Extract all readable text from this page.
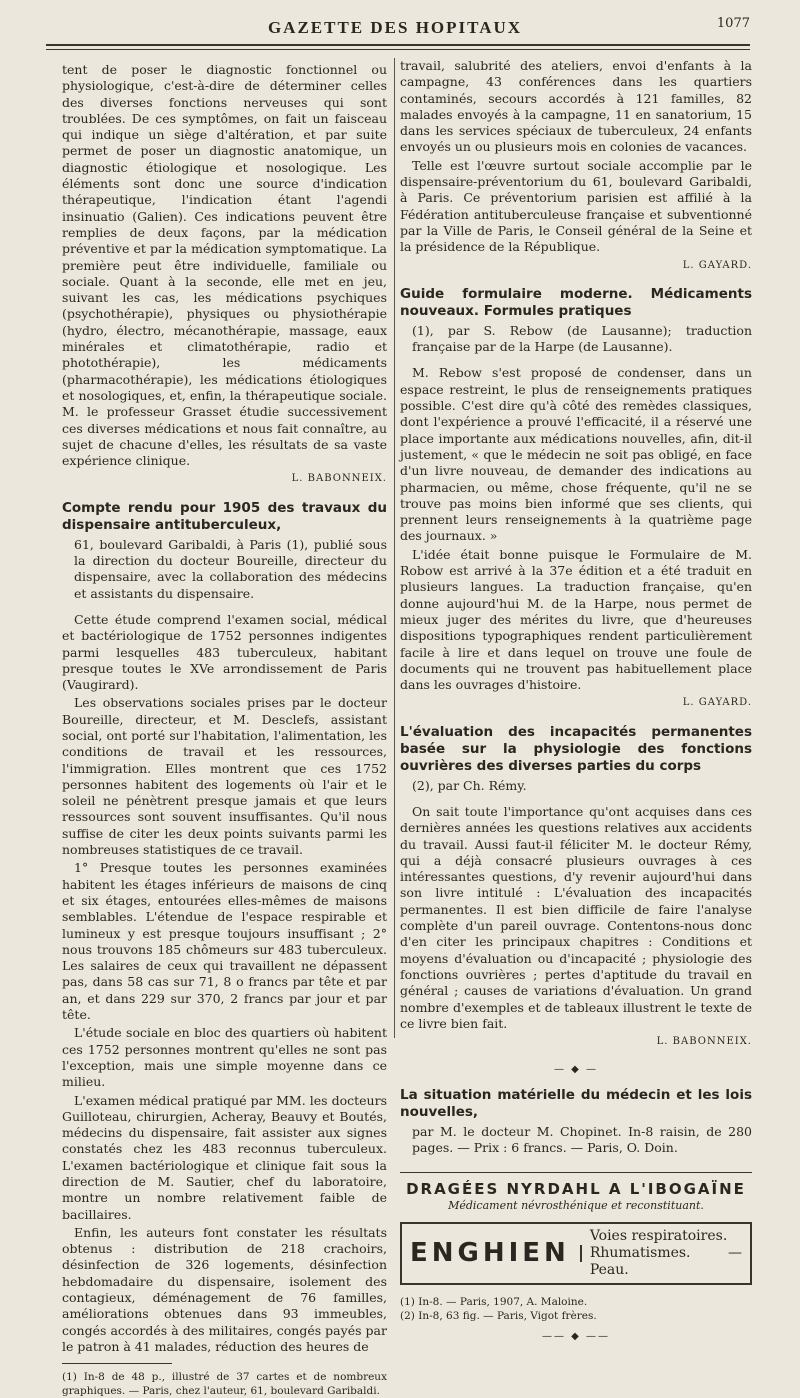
GAZETTE DES HOPITAUX	1077

tent de poser le diagnostic fonctionnel ou physiologique, c'est-à-dire de déterminer celles des diverses fonctions nerveuses qui sont troublées. De ces symptômes, on fait un faisceau qui indique un siège d'altération, et par suite permet de poser un diagnostic anatomique, un diagnostic étiologique et nosologique. Les éléments sont donc une source d'indication thérapeutique, l'indication étant l'agendi insinuatio (Galien). Ces indications peuvent être remplies de deux façons, par la médication préventive et par la médication symptomatique. La première peut être individuelle, familiale ou sociale. Quant à la seconde, elle met en jeu, suivant les cas, les médications psychiques (psychothérapie), physiques ou physiothérapie (hydro, électro, mécanothérapie, massage, eaux minérales et climatothérapie, radio et photothérapie), les médicaments (pharmacothérapie), les médications étiologiques et nosologiques, et, enfin, la thérapeutique sociale. M. le professeur Grasset étudie successivement ces diverses médications et nous fait connaître, au sujet de chacune d'elles, les résultats de sa vaste expérience clinique.

L. BABONNEIX.

Compte rendu pour 1905 des travaux du dispensaire antituberculeux,

61, boulevard Garibaldi, à Paris (1), publié sous la direction du docteur Boureille, directeur du dispensaire, avec la collaboration des médecins et assistants du dispensaire.

Cette étude comprend l'examen social, médical et bactériologique de 1752 personnes indigentes parmi lesquelles 483 tuberculeux, habitant presque toutes le XVe arrondissement de Paris (Vaugirard).

Les observations sociales prises par le docteur Boureille, directeur, et M. Desclefs, assistant social, ont porté sur l'habitation, l'alimentation, les conditions de travail et les ressources, l'immigration. Elles montrent que ces 1752 personnes habitent des logements où l'air et le soleil ne pénètrent presque jamais et que leurs ressources sont souvent insuffisantes. Qu'il nous suffise de citer les deux points suivants parmi les nombreuses statistiques de ce travail.

1° Presque toutes les personnes examinées habitent les étages inférieurs de maisons de cinq et six étages, entourées elles-mêmes de maisons semblables. L'étendue de l'espace respirable et lumineux y est presque toujours insuffisant ; 2° nous trouvons 185 chômeurs sur 483 tuberculeux. Les salaires de ceux qui travaillent ne dépassent pas, dans 58 cas sur 71, 8 o francs par tête et par an, et dans 229 sur 370, 2 francs par jour et par tête.

L'étude sociale en bloc des quartiers où habitent ces 1752 personnes montrent qu'elles ne sont pas l'exception, mais une simple moyenne dans ce milieu.

L'examen médical pratiqué par MM. les docteurs Guilloteau, chirurgien, Acheray, Beauvy et Boutés, médecins du dispensaire, fait assister aux signes constatés chez les 483 reconnus tuberculeux. L'examen bactériologique et clinique fait sous la direction de M. Sautier, chef du laboratoire, montre un nombre relativement faible de bacillaires.

Enfin, les auteurs font constater les résultats obtenus : distribution de 218 crachoirs, désinfection de 326 logements, désinfection hebdomadaire du dispensaire, isolement des contagieux, déménagement de 76 familles, améliorations obtenues dans 93 immeubles, congés accordés à des militaires, congés payés par le patron à 41 malades, réduction des heures de

(1) In-8 de 48 p., illustré de 37 cartes et de nombreux graphiques. — Paris, chez l'auteur, 61, boulevard Garibaldi.

travail, salubrité des ateliers, envoi d'enfants à la campagne, 43 conférences dans les quartiers contaminés, secours accordés à 121 familles, 82 malades envoyés à la campagne, 11 en sanatorium, 15 dans les services spéciaux de tuberculeux, 24 enfants envoyés un ou plusieurs mois en colonies de vacances.

Telle est l'œuvre surtout sociale accomplie par le dispensaire-préventorium du 61, boulevard Garibaldi, à Paris. Ce préventorium parisien est affilié à la Fédération antituberculeuse française et subventionné par la Ville de Paris, le Conseil général de la Seine et la présidence de la République.

L. GAYARD.

Guide formulaire moderne. Médicaments nouveaux. Formules pratiques

(1), par S. Rebow (de Lausanne); traduction française par de la Harpe (de Lausanne).

M. Rebow s'est proposé de condenser, dans un espace restreint, le plus de renseignements pratiques possible. C'est dire qu'à côté des remèdes classiques, dont l'expérience a prouvé l'efficacité, il a réservé une place importante aux médications nouvelles, afin, dit-il justement, « que le médecin ne soit pas obligé, en face d'un livre nouveau, de demander des indications au pharmacien, ou même, chose fréquente, qu'il ne se trouve pas moins bien informé que ses clients, qui prennent leurs renseignements à la quatrième page des journaux. »

L'idée était bonne puisque le Formulaire de M. Robow est arrivé à la 37e édition et a été traduit en plusieurs langues. La traduction française, qu'en donne aujourd'hui M. de la Harpe, nous permet de mieux juger des mérites du livre, que d'heureuses dispositions typographiques rendent particulièrement facile à lire et dans lequel on trouve une foule de documents qui ne trouvent pas habituellement place dans les ouvrages d'histoire.

L. GAYARD.

L'évaluation des incapacités permanentes basée sur la physiologie des fonctions ouvrières des diverses parties du corps

(2), par Ch. Rémy.

On sait toute l'importance qu'ont acquises dans ces dernières années les questions relatives aux accidents du travail. Aussi faut-il féliciter M. le docteur Rémy, qui a déjà consacré plusieurs ouvrages à ces intéressantes questions, d'y revenir aujourd'hui dans son livre intitulé : L'évaluation des incapacités permanentes. Il est bien difficile de faire l'analyse complète d'un pareil ouvrage. Contentons-nous donc d'en citer les principaux chapitres : Conditions et moyens d'évaluation ou d'incapacité ; physiologie des fonctions ouvrières ; pertes d'aptitude du travail en général ; causes de variations d'évaluation. Un grand nombre d'exemples et de tableaux illustrent le texte de ce livre bien fait.

L. BABONNEIX.

— ◆ —

La situation matérielle du médecin et les lois nouvelles,

par M. le docteur M. Chopinet. In-8 raisin, de 280 pages. — Prix : 6 francs. — Paris, O. Doin.

DRAGÉES NYRDAHL A L'IBOGAÏNE

Médicament névrosthénique et reconstituant.

ENGHIEN
Voies respiratoires.
Rhumatismes. — Peau.

(1) In-8. — Paris, 1907, A. Maloine.

(2) In-8, 63 fig. — Paris, Vigot frères.

—— ◆ ——
